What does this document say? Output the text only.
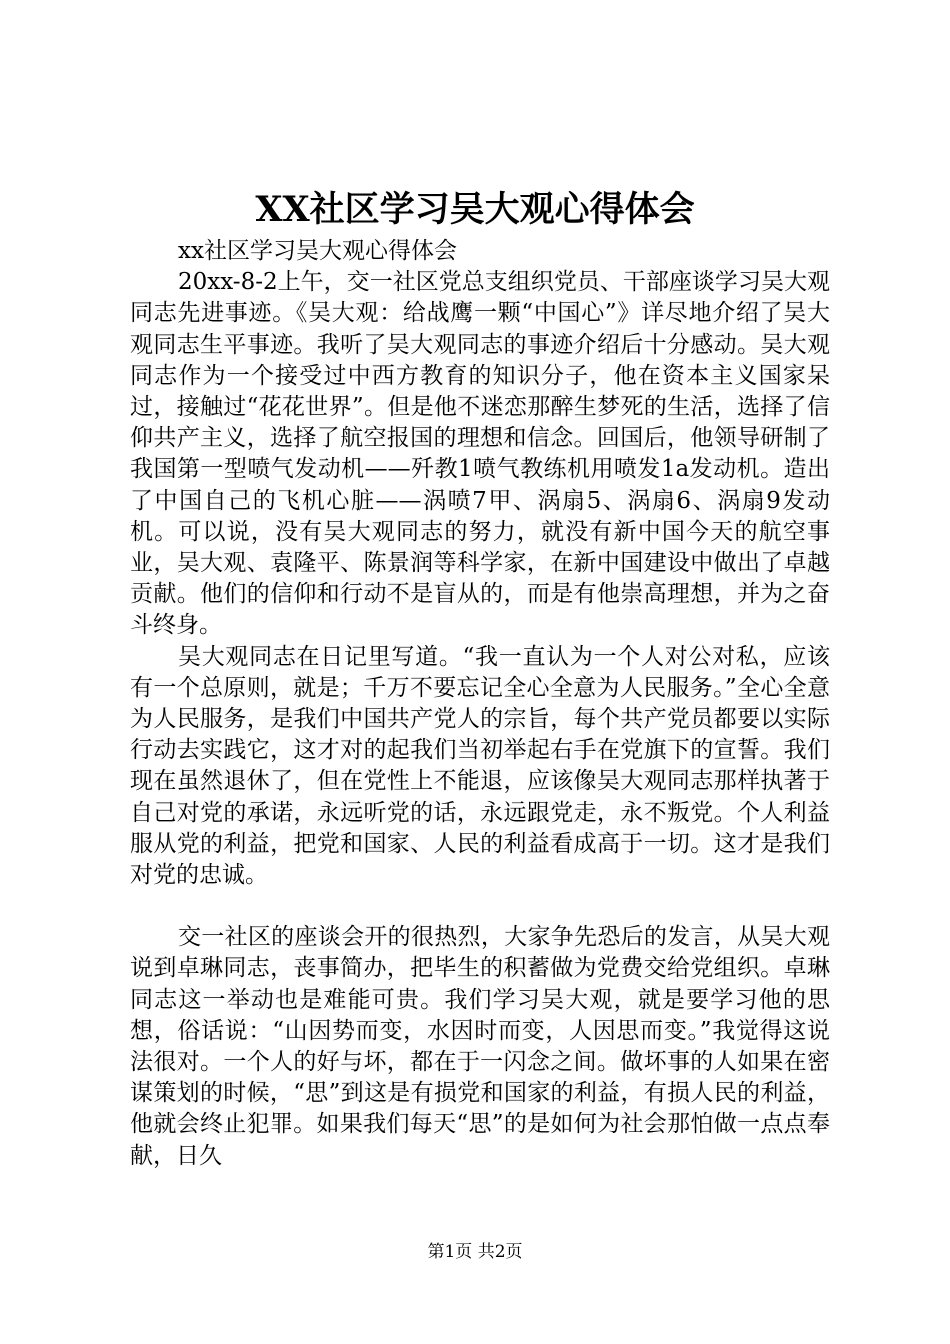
XX社区学习吴大观心得体会

xx社区学习吴大观心得体会

20xx-8-2上午，交一社区党总支组织党员、干部座谈学习吴大观同志先进事迹。《吴大观：给战鹰一颗“中国心”》详尽地介绍了吴大观同志生平事迹。我听了吴大观同志的事迹介绍后十分感动。吴大观同志作为一个接受过中西方教育的知识分子，他在资本主义国家呆过，接触过“花花世界”。但是他不迷恋那醉生梦死的生活，选择了信仰共产主义，选择了航空报国的理想和信念。回国后，他领导研制了我国第一型喷气发动机——歼教1喷气教练机用喷发1a发动机。造出了中国自己的飞机心脏——涡喷7甲、涡扇5、涡扇6、涡扇9发动机。可以说，没有吴大观同志的努力，就没有新中国今天的航空事业，吴大观、袁隆平、陈景润等科学家，在新中国建设中做出了卓越贡献。他们的信仰和行动不是盲从的，而是有他崇高理想，并为之奋斗终身。

吴大观同志在日记里写道。“我一直认为一个人对公对私，应该有一个总原则，就是；千万不要忘记全心全意为人民服务。”全心全意为人民服务，是我们中国共产党人的宗旨，每个共产党员都要以实际行动去实践它，这才对的起我们当初举起右手在党旗下的宣誓。我们现在虽然退休了，但在党性上不能退，应该像吴大观同志那样执著于自己对党的承诺，永远听党的话，永远跟党走，永不叛党。个人利益服从党的利益，把党和国家、人民的利益看成高于一切。这才是我们对党的忠诚。

交一社区的座谈会开的很热烈，大家争先恐后的发言，从吴大观说到卓琳同志，丧事简办，把毕生的积蓄做为党费交给党组织。卓琳同志这一举动也是难能可贵。我们学习吴大观，就是要学习他的思想，俗话说：“山因势而变，水因时而变，人因思而变。”我觉得这说法很对。一个人的好与坏，都在于一闪念之间。做坏事的人如果在密谋策划的时候，“思”到这是有损党和国家的利益，有损人民的利益，他就会终止犯罪。如果我们每天“思”的是如何为社会那怕做一点点奉献，日久

第1页 共2页
